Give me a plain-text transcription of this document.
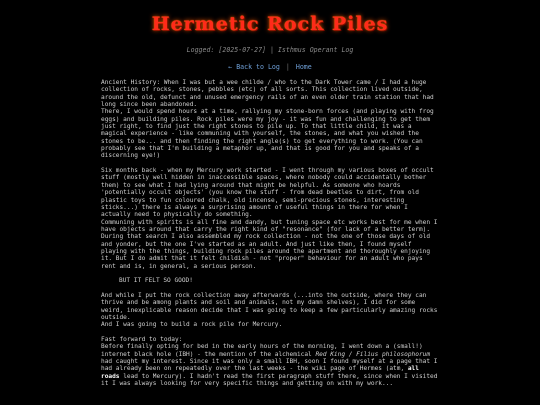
Hermetic Rock Piles
Logged: [2025-07-27] | Isthmus Operant Log
← Back to Log | Home

Ancient History: When I was but a wee childe / who to the Dark Tower came / I had a huge collection of rocks, stones, pebbles (etc) of all sorts. This collection lived outside, around the old, defunct and unused emergency rails of an even older train station that had long since been abandoned.
There, I would spend hours at a time, rallying my stone-born forces (and playing with frog eggs) and building piles. Rock piles were my joy - it was fun and challenging to get them just right, to find just the right stones to pile up. To that little child, it was a magical experience - like communing with yourself, the stones, and what you wished the stones to be... and then finding the right angle(s) to get everything to work. (You can probably see that I'm building a metaphor up, and that is good for you and speaks of a discerning eye!)

Six months back - when my Mercury work started - I went through my various boxes of occult stuff (mostly well hidden in inaccessible spaces, where nobody could accidentally bother them) to see what I had lying around that might be helpful. As someone who hoards 'potentially occult objects' (you know the stuff - from dead beetles to dirt, from old plastic toys to fun coloured chalk, old incense, semi-precious stones, interesting sticks...) there is always a surprising amount of useful things in there for when I actually need to physically do something.
Communing with spirits is all fine and dandy, but tuning space etc works best for me when I have objects around that carry the right kind of "resonance" (for lack of a better term).
During that search I also assembled my rock collection - not the one of those days of old and yonder, but the one I've started as an adult. And just like then, I found myself playing with the things, building rock piles around the apartment and thoroughly enjoying it. But I do admit that it felt childish - not "proper" behaviour for an adult who pays rent and is, in general, a serious person.

BUT IT FELT SO GOOD!

And while I put the rock collection away afterwards (...into the outside, where they can thrive and be among plants and soil and animals, not my damn shelves), I did for some weird, inexplicable reason decide that I was going to keep a few particularly amazing rocks outside.
And I was going to build a rock pile for Mercury.

Fast forward to today:
Before finally opting for bed in the early hours of the morning, I went down a (small!) internet black hole (IBH) - the mention of the alchemical Red King / Filius philosophorum had caught my interest. Since it was only a small IBH, soon I found myself at a page that I had already been on repeatedly over the last weeks - the wiki page of Hermes (atm, all roads lead to Mercury). I hadn't read the first paragraph stuff there, since when I visited it I was always looking for very specific things and getting on with my work...
